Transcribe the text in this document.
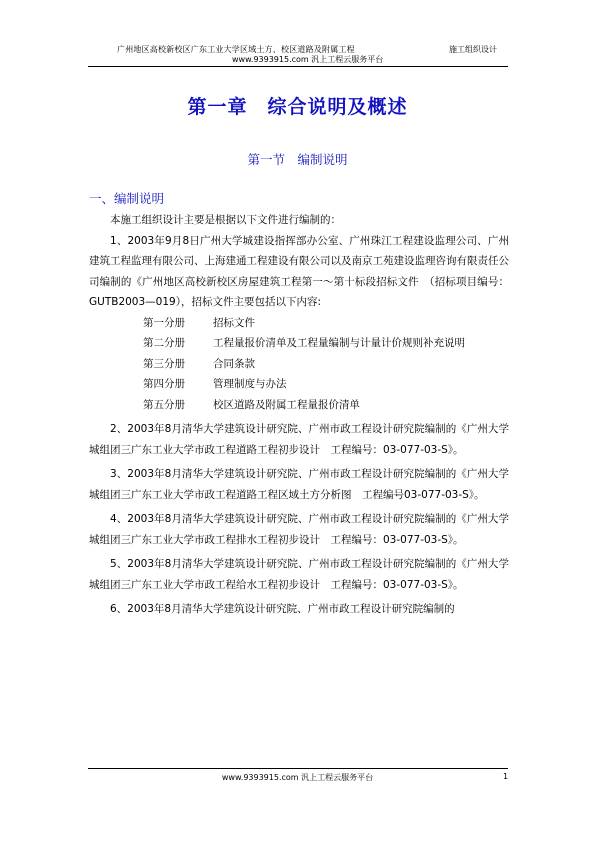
广州地区高校新校区广东工业大学区域土方、校区道路及附属工程	施工组织设计
www.9393915.com 汎上工程云服务平台
第一章　综合说明及概述
第一节　编制说明
一、编制说明

本施工组织设计主要是根据以下文件进行编制的：

1、2003年9月8日广州大学城建设指挥部办公室、广州珠江工程建设监理公司、广州建筑工程监理有限公司、上海建通工程建设有限公司以及南京工苑建设监理咨询有限责任公司编制的《广州地区高校新校区房屋建筑工程第一～第十标段招标文件　（招标项目编号：GUTB2003—019），招标文件主要包括以下内容:

第一分册	招标文件
第二分册	工程量报价清单及工程量编制与计量计价规则补充说明
第三分册	合同条款
第四分册	管理制度与办法
第五分册	校区道路及附属工程量报价清单

2、2003年8月清华大学建筑设计研究院、广州市政工程设计研究院编制的《广州大学城组团三广东工业大学市政工程道路工程初步设计　工程编号：03-077-03-S》。

3、2003年8月清华大学建筑设计研究院、广州市政工程设计研究院编制的《广州大学城组团三广东工业大学市政工程道路工程区域土方分析图　工程编号03-077-03-S》。

4、2003年8月清华大学建筑设计研究院、广州市政工程设计研究院编制的《广州大学城组团三广东工业大学市政工程排水工程初步设计　工程编号：03-077-03-S》。

5、2003年8月清华大学建筑设计研究院、广州市政工程设计研究院编制的《广州大学城组团三广东工业大学市政工程给水工程初步设计　工程编号：03-077-03-S》。

6、2003年8月清华大学建筑设计研究院、广州市政工程设计研究院编制的

www.9393915.com 汎上工程云服务平台	1
